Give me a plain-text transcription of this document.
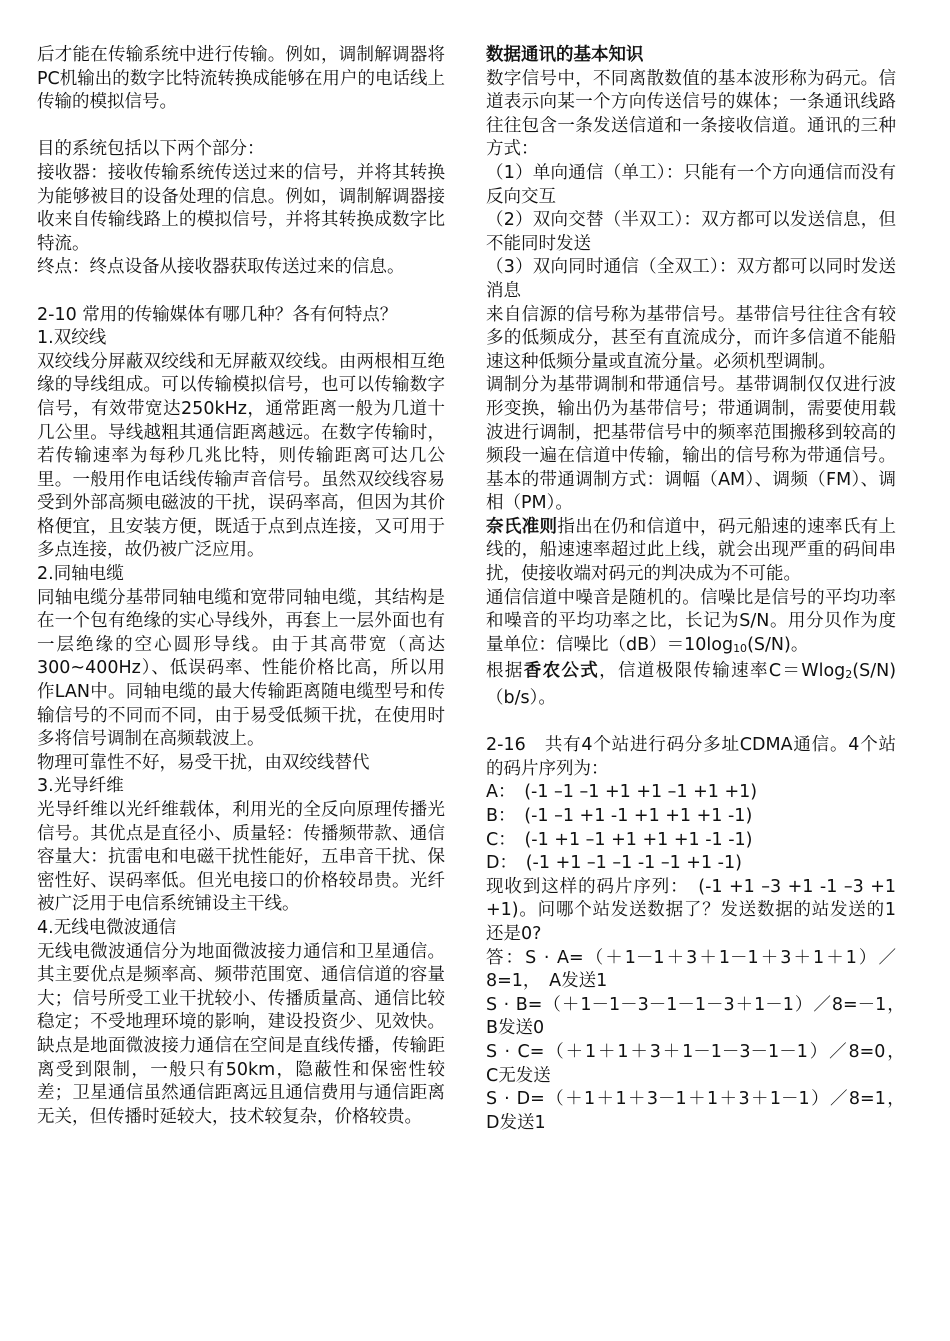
后才能在传输系统中进行传输。例如，调制解调器将PC机输出的数字比特流转换成能够在用户的电话线上传输的模拟信号。

目的系统包括以下两个部分：

接收器：接收传输系统传送过来的信号，并将其转换为能够被目的设备处理的信息。例如，调制解调器接收来自传输线路上的模拟信号，并将其转换成数字比特流。

终点：终点设备从接收器获取传送过来的信息。

2-10 常用的传输媒体有哪几种？各有何特点？

1.双绞线

双绞线分屏蔽双绞线和无屏蔽双绞线。由两根相互绝缘的导线组成。可以传输模拟信号，也可以传输数字信号，有效带宽达250kHz，通常距离一般为几道十几公里。导线越粗其通信距离越远。在数字传输时，若传输速率为每秒几兆比特，则传输距离可达几公里。一般用作电话线传输声音信号。虽然双绞线容易受到外部高频电磁波的干扰，误码率高，但因为其价格便宜，且安装方便，既适于点到点连接，又可用于多点连接，故仍被广泛应用。

2.同轴电缆

同轴电缆分基带同轴电缆和宽带同轴电缆，其结构是在一个包有绝缘的实心导线外，再套上一层外面也有一层绝缘的空心圆形导线。由于其高带宽（高达300~400Hz）、低误码率、性能价格比高，所以用作LAN中。同轴电缆的最大传输距离随电缆型号和传输信号的不同而不同，由于易受低频干扰，在使用时多将信号调制在高频载波上。

物理可靠性不好，易受干扰，由双绞线替代

3.光导纤维

光导纤维以光纤维载体，利用光的全反向原理传播光信号。其优点是直径小、质量轻：传播频带款、通信容量大：抗雷电和电磁干扰性能好，五串音干扰、保密性好、误码率低。但光电接口的价格较昂贵。光纤被广泛用于电信系统铺设主干线。

4.无线电微波通信

无线电微波通信分为地面微波接力通信和卫星通信。其主要优点是频率高、频带范围宽、通信信道的容量大；信号所受工业干扰较小、传播质量高、通信比较稳定；不受地理环境的影响，建设投资少、见效快。缺点是地面微波接力通信在空间是直线传播，传输距离受到限制，一般只有50km，隐蔽性和保密性较差；卫星通信虽然通信距离远且通信费用与通信距离无关，但传播时延较大，技术较复杂，价格较贵。

数据通讯的基本知识

数字信号中，不同离散数值的基本波形称为码元。信道表示向某一个方向传送信号的媒体；一条通讯线路往往包含一条发送信道和一条接收信道。通讯的三种方式：

（1）单向通信（单工）：只能有一个方向通信而没有反向交互

（2）双向交替（半双工）：双方都可以发送信息，但不能同时发送

（3）双向同时通信（全双工）：双方都可以同时发送消息

来自信源的信号称为基带信号。基带信号往往含有较多的低频成分，甚至有直流成分，而许多信道不能船速这种低频分量或直流分量。必须机型调制。

调制分为基带调制和带通信号。基带调制仅仅进行波形变换，输出仍为基带信号；带通调制，需要使用载波进行调制，把基带信号中的频率范围搬移到较高的频段一遍在信道中传输，输出的信号称为带通信号。基本的带通调制方式：调幅（AM）、调频（FM）、调相（PM）。

奈氏准则指出在仍和信道中，码元船速的速率氏有上线的，船速速率超过此上线，就会出现严重的码间串扰，使接收端对码元的判决成为不可能。

通信信道中噪音是随机的。信噪比是信号的平均功率和噪音的平均功率之比，长记为S/N。用分贝作为度量单位：信噪比（dB）＝10log10(S/N)。

根据香农公式，信道极限传输速率C＝Wlog2(S/N)（b/s）。

2-16　共有4个站进行码分多址CDMA通信。4个站的码片序列为：

A：　(-1 –1 –1 +1 +1 –1 +1 +1)

B：　(-1 –1 +1 -1 +1 +1 +1 -1)

C：　(-1 +1 –1 +1 +1 +1 -1 -1)

D：　(-1 +1 –1 –1 -1 –1 +1 -1)

现收到这样的码片序列：　(-1 +1 –3 +1 -1 –3 +1 +1)。问哪个站发送数据了？发送数据的站发送的1还是0?

答：S · A=（＋1－1＋3＋1－1＋3＋1＋1）／8=1，　A发送1

S · B=（＋1－1－3－1－1－3＋1－1）／8=－1，　B发送0

S · C=（＋1＋1＋3＋1－1－3－1－1）／8=0，　C无发送

S · D=（＋1＋1＋3－1＋1＋3＋1－1）／8=1，　D发送1
